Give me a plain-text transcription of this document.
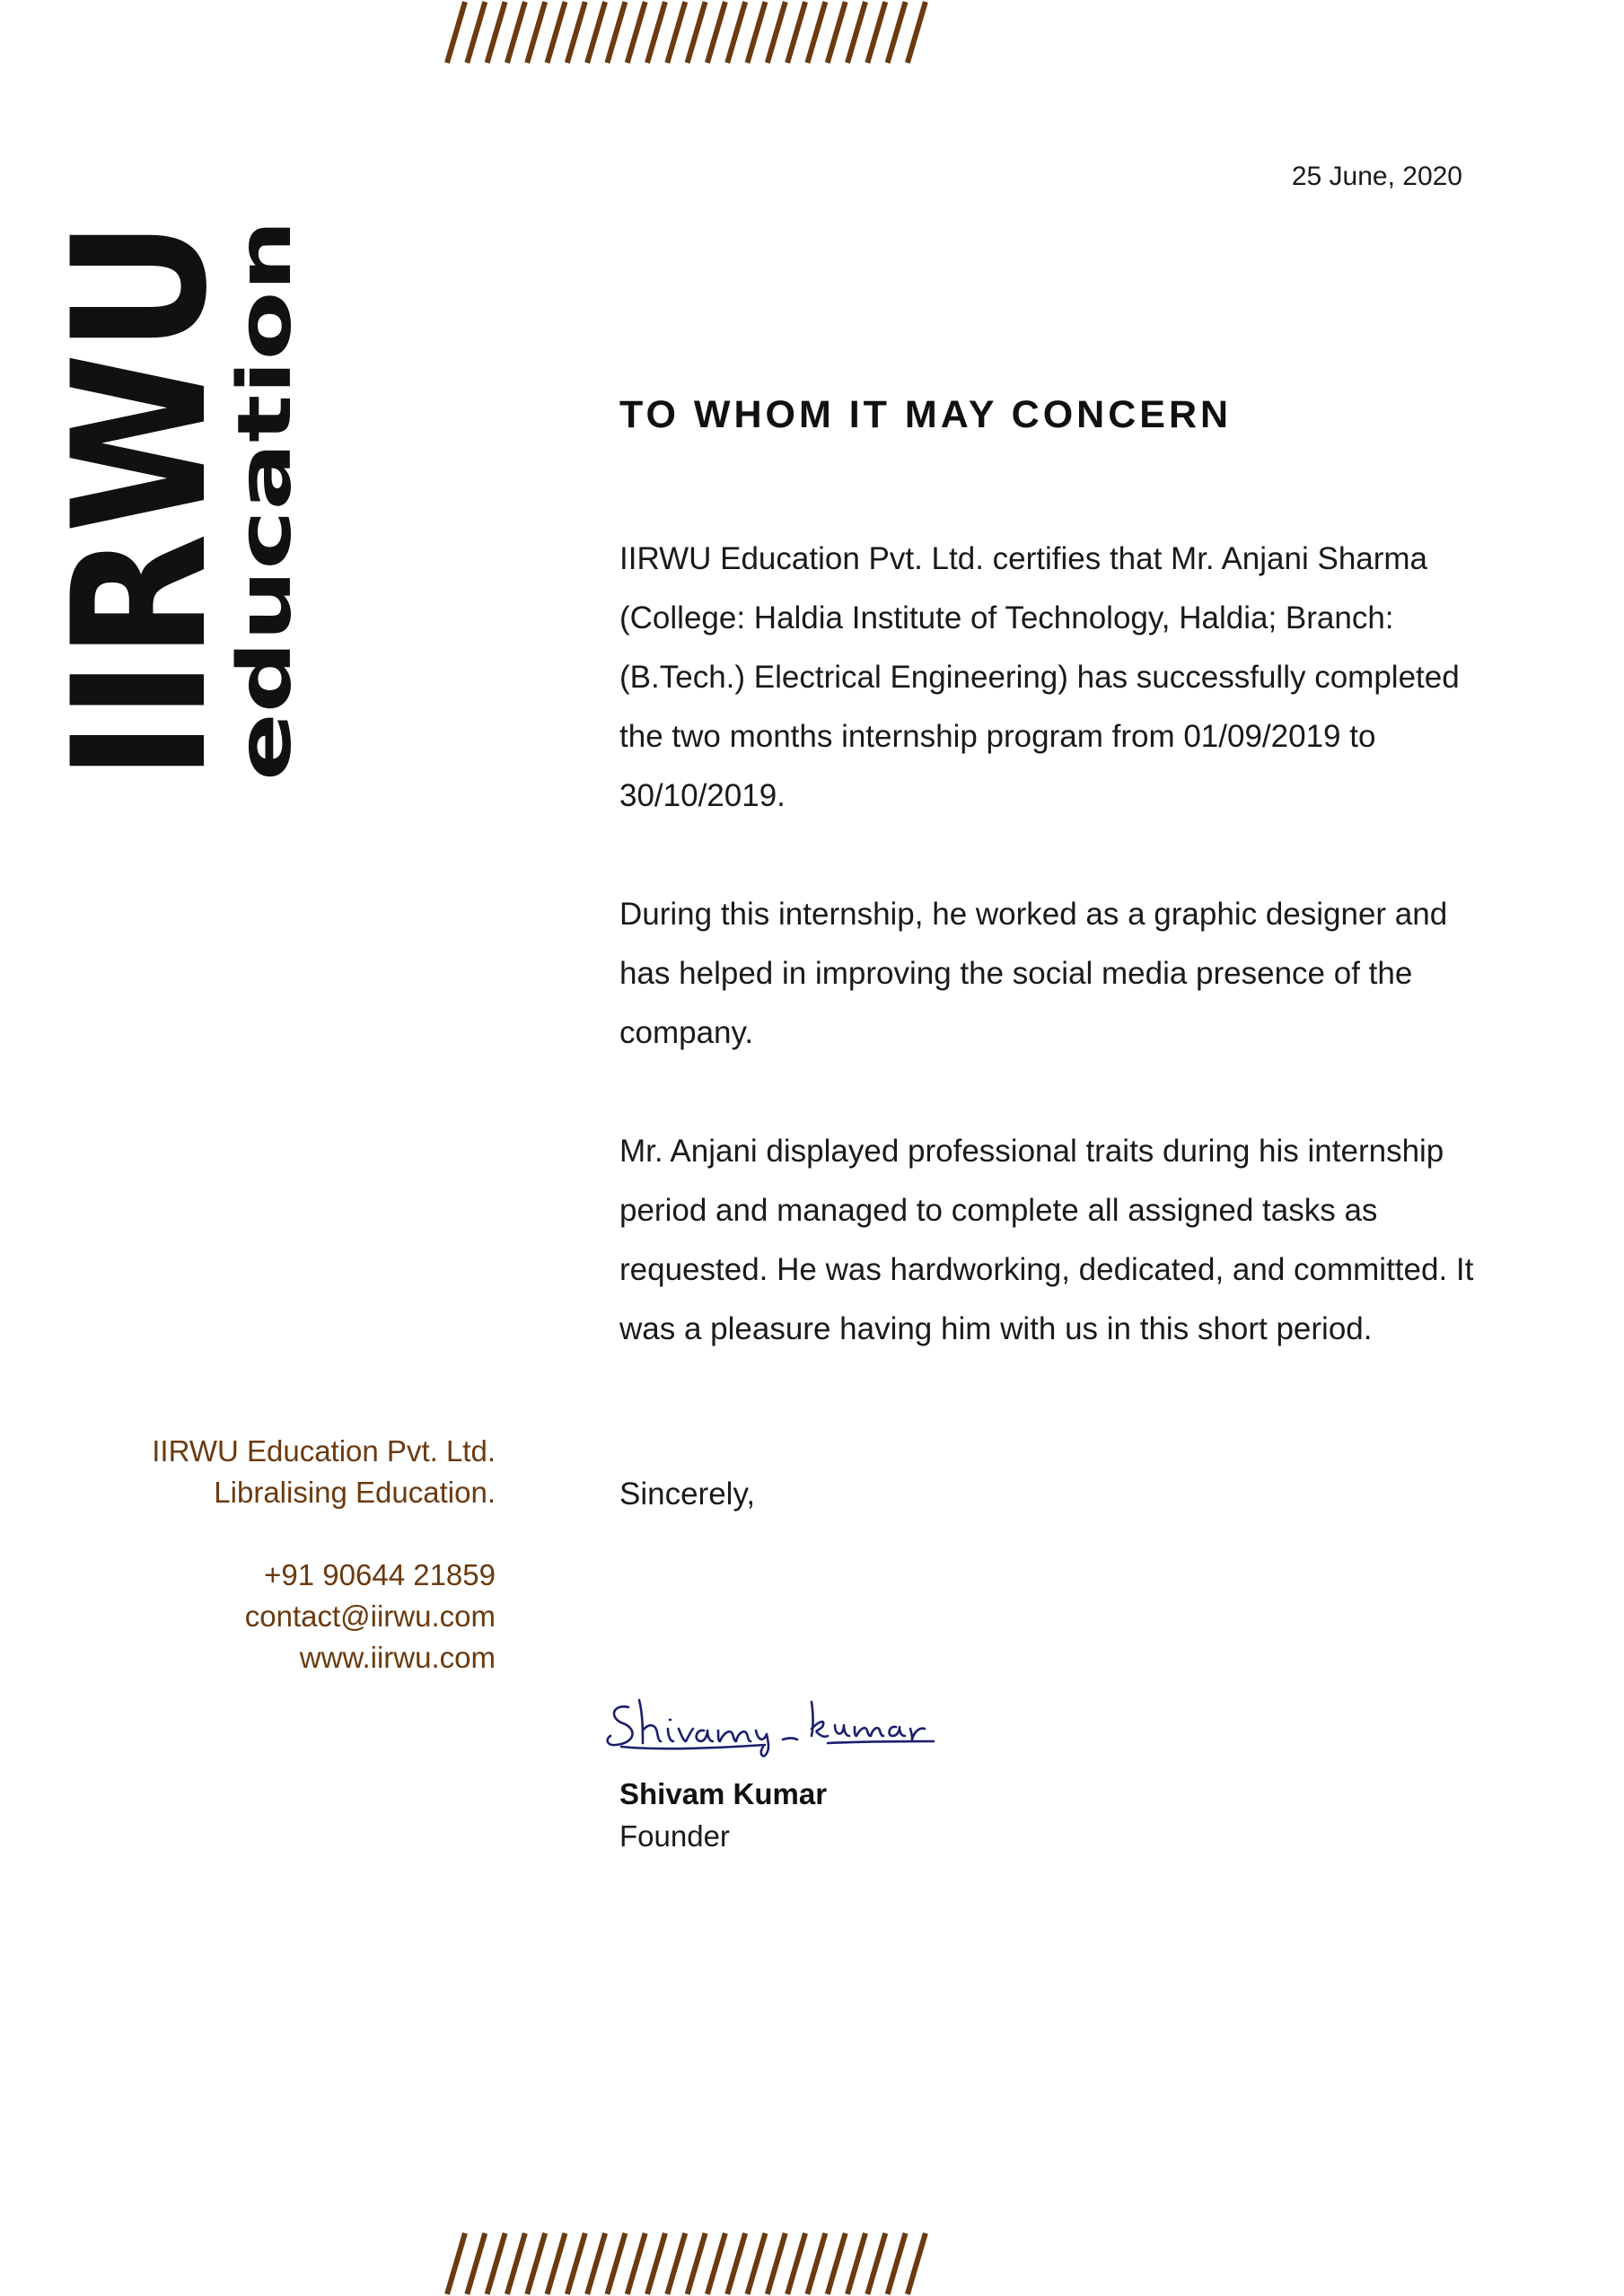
25 June, 2020
IIRWU
education	TO WHOM IT MAY CONCERN

IIRWU Education Pvt. Ltd. certifies that Mr. Anjani Sharma (College: Haldia Institute of Technology, Haldia; Branch: (B.Tech.) Electrical Engineering) has successfully completed the two months internship program from 01/09/2019 to 30/10/2019.

During this internship, he worked as a graphic designer and has helped in improving the social media presence of the company.

Mr. Anjani displayed professional traits during his internship period and managed to complete all assigned tasks as requested. He was hardworking, dedicated, and committed. It was a pleasure having him with us in this short period.

Sincerely,

Shivam Kumar
Founder
IIRWU Education Pvt. Ltd.
Libralising Education.
+91 90644 21859
contact@iirwu.com
www.iirwu.com
